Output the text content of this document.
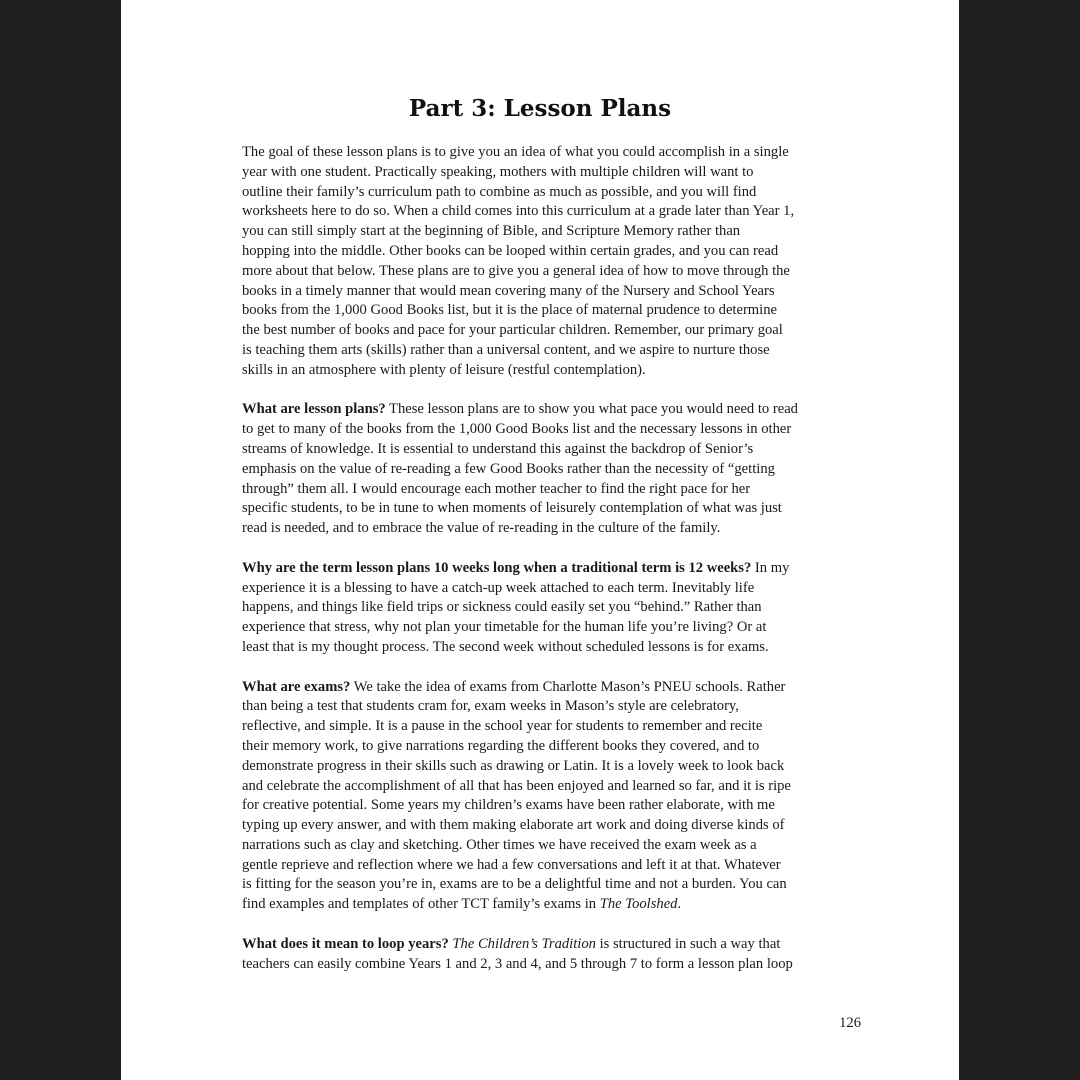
Part 3: Lesson Plans

The goal of these lesson plans is to give you an idea of what you could accomplish in a single
year with one student. Practically speaking, mothers with multiple children will want to
outline their family’s curriculum path to combine as much as possible, and you will find
worksheets here to do so. When a child comes into this curriculum at a grade later than Year 1,
you can still simply start at the beginning of Bible, and Scripture Memory rather than
hopping into the middle. Other books can be looped within certain grades, and you can read
more about that below. These plans are to give you a general idea of how to move through the
books in a timely manner that would mean covering many of the Nursery and School Years
books from the 1,000 Good Books list, but it is the place of maternal prudence to determine
the best number of books and pace for your particular children. Remember, our primary goal
is teaching them arts (skills) rather than a universal content, and we aspire to nurture those
skills in an atmosphere with plenty of leisure (restful contemplation).

What are lesson plans? These lesson plans are to show you what pace you would need to read
to get to many of the books from the 1,000 Good Books list and the necessary lessons in other
streams of knowledge. It is essential to understand this against the backdrop of Senior’s
emphasis on the value of re-reading a few Good Books rather than the necessity of “getting
through” them all. I would encourage each mother teacher to find the right pace for her
specific students, to be in tune to when moments of leisurely contemplation of what was just
read is needed, and to embrace the value of re-reading in the culture of the family.

Why are the term lesson plans 10 weeks long when a traditional term is 12 weeks? In my
experience it is a blessing to have a catch-up week attached to each term. Inevitably life
happens, and things like field trips or sickness could easily set you “behind.” Rather than
experience that stress, why not plan your timetable for the human life you’re living? Or at
least that is my thought process. The second week without scheduled lessons is for exams.

What are exams? We take the idea of exams from Charlotte Mason’s PNEU schools. Rather
than being a test that students cram for, exam weeks in Mason’s style are celebratory,
reflective, and simple. It is a pause in the school year for students to remember and recite
their memory work, to give narrations regarding the different books they covered, and to
demonstrate progress in their skills such as drawing or Latin. It is a lovely week to look back
and celebrate the accomplishment of all that has been enjoyed and learned so far, and it is ripe
for creative potential. Some years my children’s exams have been rather elaborate, with me
typing up every answer, and with them making elaborate art work and doing diverse kinds of
narrations such as clay and sketching. Other times we have received the exam week as a
gentle reprieve and reflection where we had a few conversations and left it at that. Whatever
is fitting for the season you’re in, exams are to be a delightful time and not a burden. You can
find examples and templates of other TCT family’s exams in The Toolshed.

What does it mean to loop years? The Children’s Tradition is structured in such a way that
teachers can easily combine Years 1 and 2, 3 and 4, and 5 through 7 to form a lesson plan loop

126
